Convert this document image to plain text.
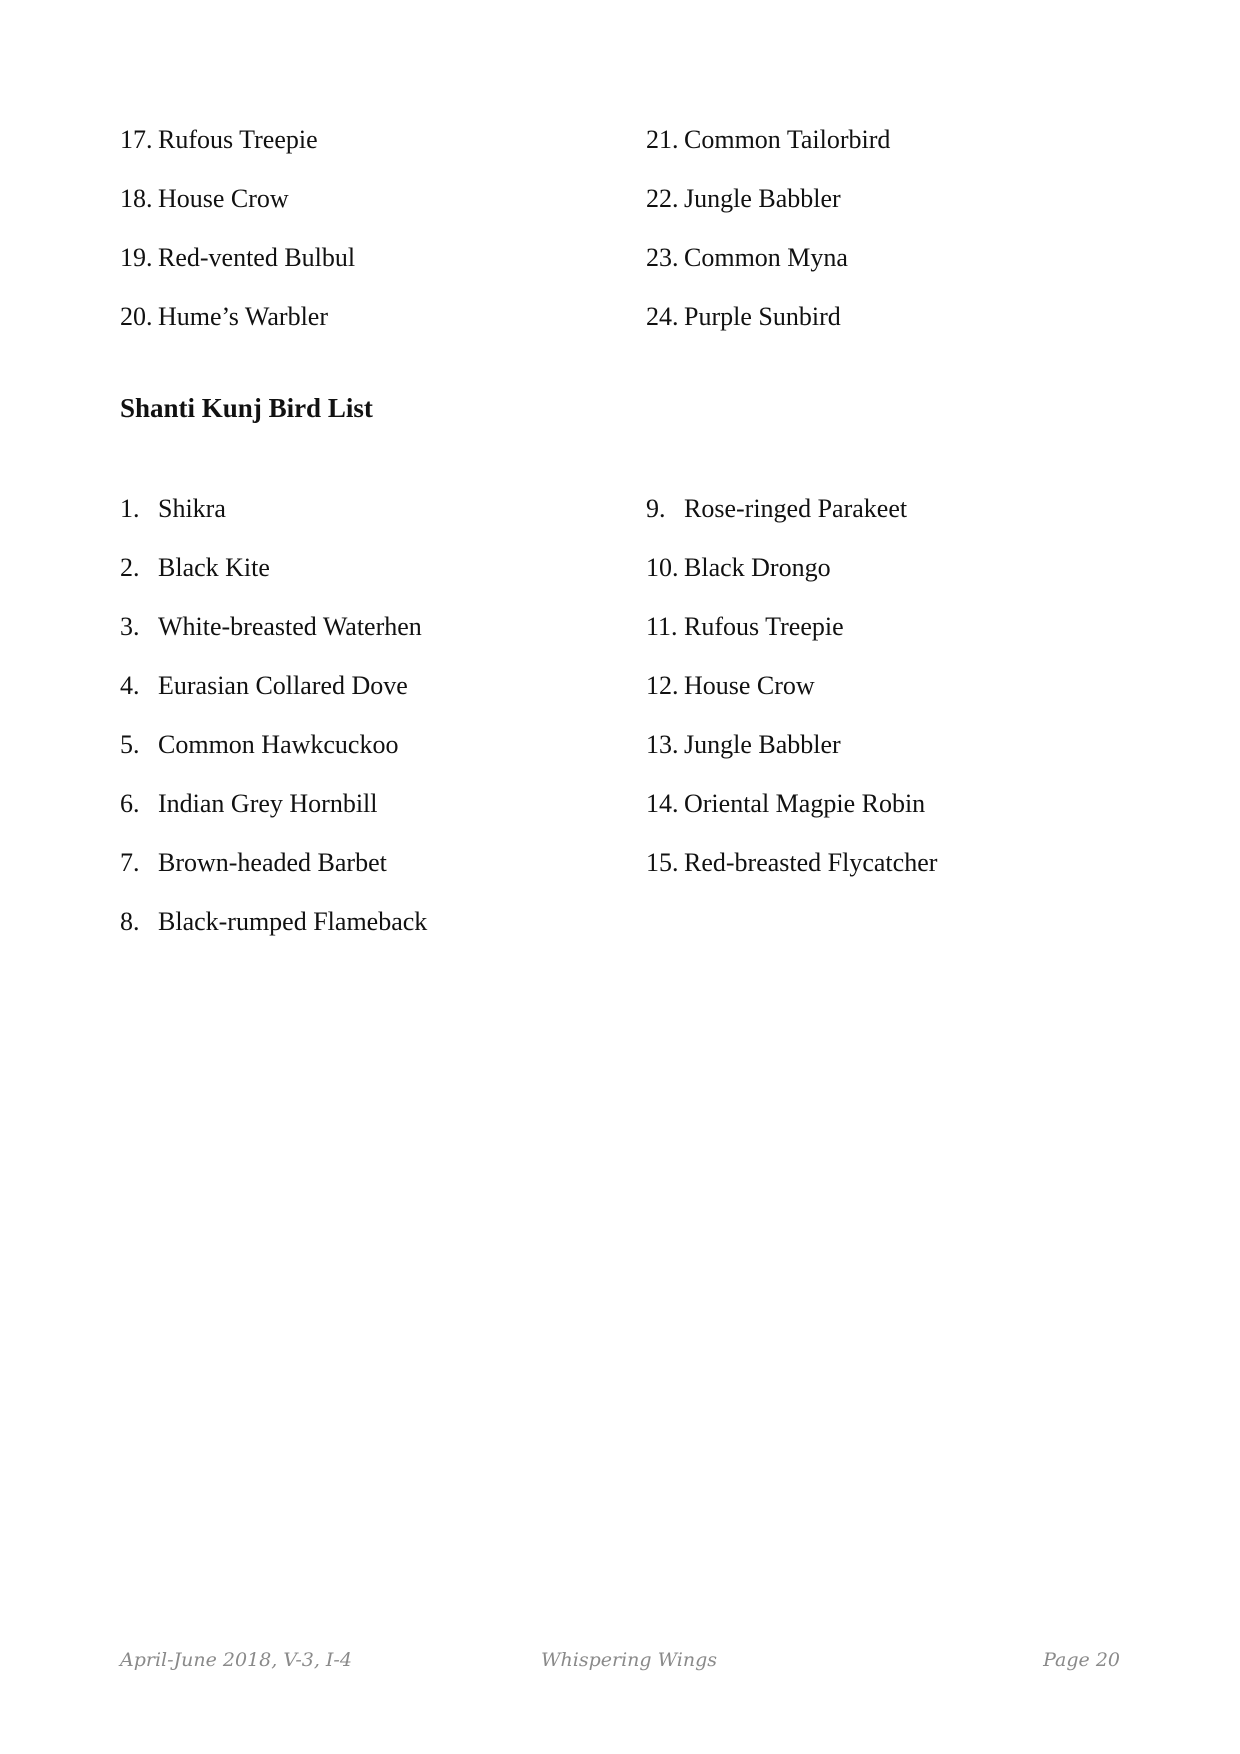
17. Rufous Treepie
18. House Crow
19. Red-vented Bulbul
20. Hume’s Warbler
21. Common Tailorbird
22. Jungle Babbler
23. Common Myna
24. Purple Sunbird
Shanti Kunj Bird List
1. Shikra
2. Black Kite
3. White-breasted Waterhen
4. Eurasian Collared Dove
5. Common Hawkcuckoo
6. Indian Grey Hornbill
7. Brown-headed Barbet
8. Black-rumped Flameback
9. Rose-ringed Parakeet
10. Black Drongo
11. Rufous Treepie
12. House Crow
13. Jungle Babbler
14. Oriental Magpie Robin
15. Red-breasted Flycatcher
April-June 2018, V-3, I-4	Whispering Wings	Page 20
